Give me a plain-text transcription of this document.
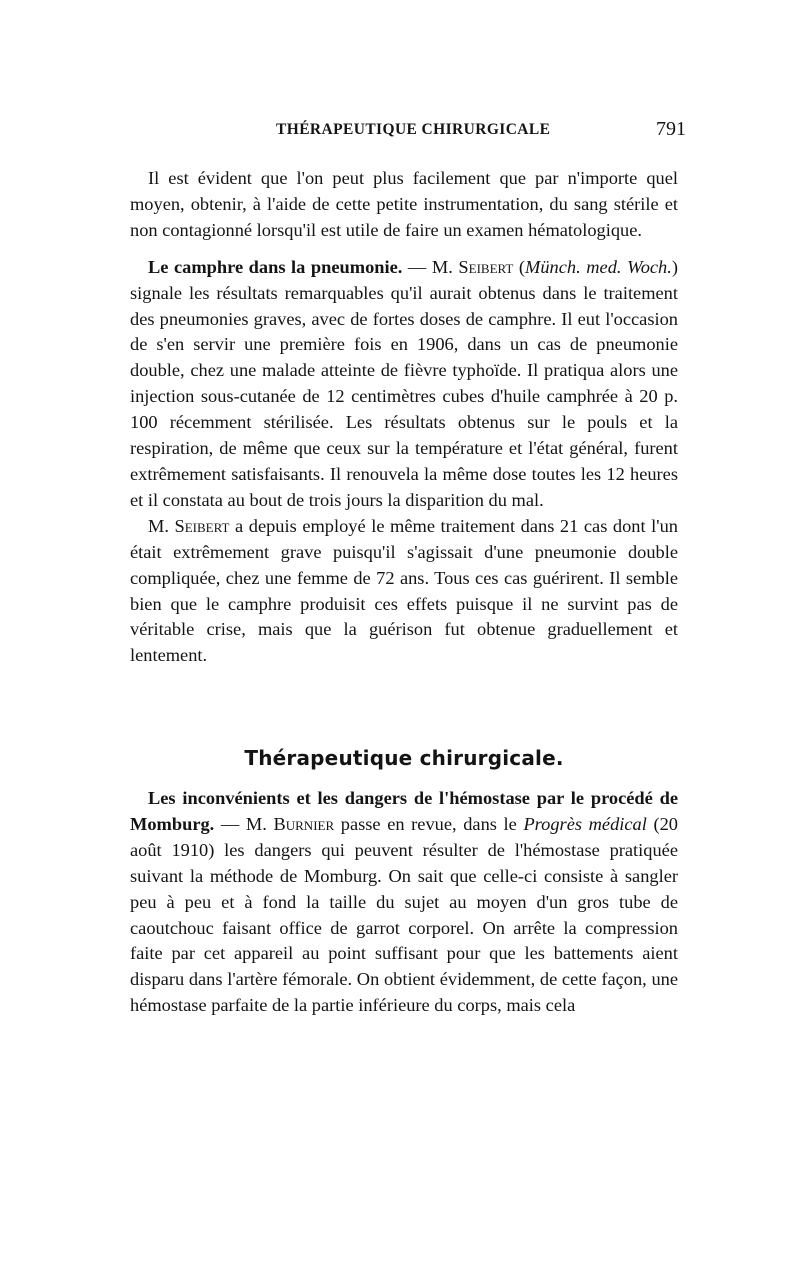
THÉRAPEUTIQUE CHIRURGICALE	791

Il est évident que l'on peut plus facilement que par n'importe quel moyen, obtenir, à l'aide de cette petite instrumentation, du sang stérile et non contagionné lorsqu'il est utile de faire un examen hématologique.

Le camphre dans la pneumonie. — M. Seibert (Münch. med. Woch.) signale les résultats remarquables qu'il aurait obtenus dans le traitement des pneumonies graves, avec de fortes doses de camphre. Il eut l'occasion de s'en servir une première fois en 1906, dans un cas de pneumonie double, chez une malade atteinte de fièvre typhoïde. Il pratiqua alors une injection sous-cutanée de 12 centimètres cubes d'huile camphrée à 20 p. 100 récemment stérilisée. Les résultats obtenus sur le pouls et la respiration, de même que ceux sur la température et l'état général, furent extrêmement satisfaisants. Il renouvela la même dose toutes les 12 heures et il constata au bout de trois jours la disparition du mal.

M. Seibert a depuis employé le même traitement dans 21 cas dont l'un était extrêmement grave puisqu'il s'agissait d'une pneumonie double compliquée, chez une femme de 72 ans. Tous ces cas guérirent. Il semble bien que le camphre produisit ces effets puisque il ne survint pas de véritable crise, mais que la guérison fut obtenue graduellement et lentement.

Thérapeutique chirurgicale.

Les inconvénients et les dangers de l'hémostase par le procédé de Momburg. — M. Burnier passe en revue, dans le Progrès médical (20 août 1910) les dangers qui peuvent résulter de l'hémostase pratiquée suivant la méthode de Momburg. On sait que celle-ci consiste à sangler peu à peu et à fond la taille du sujet au moyen d'un gros tube de caoutchouc faisant office de garrot corporel. On arrête la compression faite par cet appareil au point suffisant pour que les battements aient disparu dans l'artère fémorale. On obtient évidemment, de cette façon, une hémostase parfaite de la partie inférieure du corps, mais cela
